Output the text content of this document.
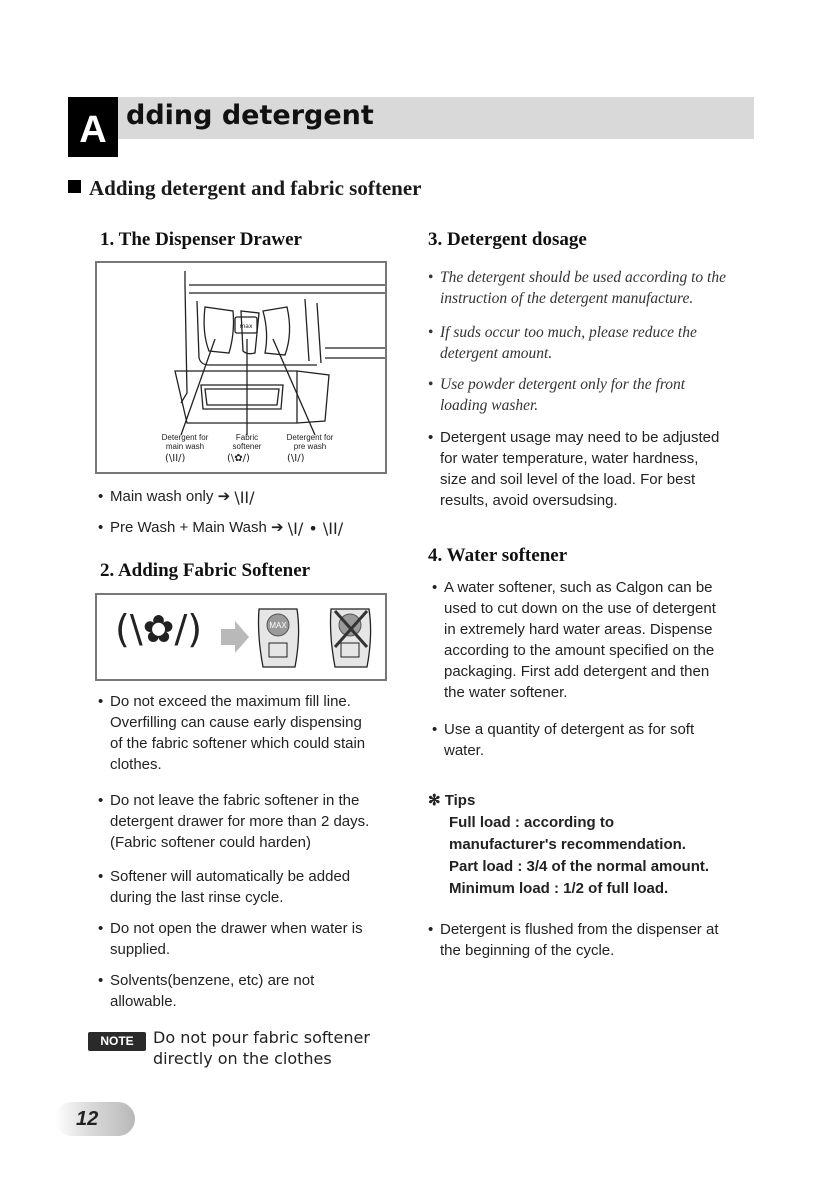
A dding detergent
Adding detergent and fabric softener
1. The Dispenser Drawer
max
Detergent for
main wash
Fabric
softener
Detergent for
pre wash
(\II/)	(\✿/)	(\I/)
• Main wash only ➔ \II/
• Pre Wash + Main Wash ➔ \I/ • \II/
2. Adding Fabric Softener
(\✿/)	MAX
• Do not exceed the maximum fill line.
Overfilling can cause early dispensing
of the fabric softener which could stain
clothes.
• Do not leave the fabric softener in the
detergent drawer for more than 2 days.
(Fabric softener could harden)
• Softener will automatically be added
during the last rinse cycle.
• Do not open the drawer when water is
supplied.
• Solvents(benzene, etc) are not
allowable.
NOTE	Do not pour fabric softener
directly on the clothes
3. Detergent dosage
• The detergent should be used according to the
instruction of the detergent manufacture.
• If suds occur too much, please reduce the
detergent amount.
• Use powder detergent only for the front
loading washer.
• Detergent usage may need to be adjusted
for water temperature, water hardness,
size and soil level of the load. For best
results, avoid oversudsing.
4. Water softener
• A water softener, such as Calgon can be
used to cut down on the use of detergent
in extremely hard water areas. Dispense
according to the amount specified on the
packaging. First add detergent and then
the water softener.
• Use a quantity of detergent as for soft
water.
✻ Tips
Full load : according to
manufacturer's recommendation.
Part load : 3/4 of the normal amount.
Minimum load : 1/2 of full load.
• Detergent is flushed from the dispenser at
the beginning of the cycle.
12
